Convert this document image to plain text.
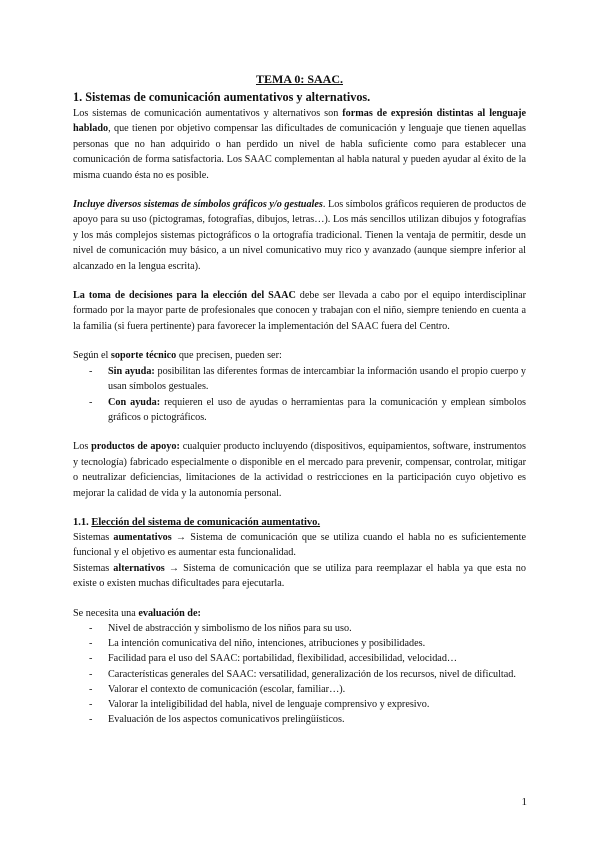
TEMA 0: SAAC.

1. Sistemas de comunicación aumentativos y alternativos.

Los sistemas de comunicación aumentativos y alternativos son formas de expresión distintas al lenguaje hablado, que tienen por objetivo compensar las dificultades de comunicación y lenguaje que tienen aquellas personas que no han adquirido o han perdido un nivel de habla suficiente como para establecer una comunicación de forma satisfactoria. Los SAAC complementan al habla natural y pueden ayudar al éxito de la misma cuando ésta no es posible.

Incluye diversos sistemas de símbolos gráficos y/o gestuales. Los símbolos gráficos requieren de productos de apoyo para su uso (pictogramas, fotografías, dibujos, letras…). Los más sencillos utilizan dibujos y fotografías y los más complejos sistemas pictográficos o la ortografía tradicional. Tienen la ventaja de permitir, desde un nivel de comunicación muy básico, a un nivel comunicativo muy rico y avanzado (aunque siempre inferior al alcanzado en la lengua escrita).

La toma de decisiones para la elección del SAAC debe ser llevada a cabo por el equipo interdisciplinar formado por la mayor parte de profesionales que conocen y trabajan con el niño, siempre teniendo en cuenta a la familia (si fuera pertinente) para favorecer la implementación del SAAC fuera del Centro.

Según el soporte técnico que precisen, pueden ser:

-	Sin ayuda: posibilitan las diferentes formas de intercambiar la información usando el propio cuerpo y usan símbolos gestuales.
-	Con ayuda: requieren el uso de ayudas o herramientas para la comunicación y emplean símbolos gráficos o pictográficos.

Los productos de apoyo: cualquier producto incluyendo (dispositivos, equipamientos, software, instrumentos y tecnología) fabricado especialmente o disponible en el mercado para prevenir, compensar, controlar, mitigar o neutralizar deficiencias, limitaciones de la actividad o restricciones en la participación cuyo objetivo es mejorar la calidad de vida y la autonomía personal.

1.1. Elección del sistema de comunicación aumentativo.

Sistemas aumentativos → Sistema de comunicación que se utiliza cuando el habla no es suficientemente funcional y el objetivo es aumentar esta funcionalidad.

Sistemas alternativos → Sistema de comunicación que se utiliza para reemplazar el habla ya que esta no existe o existen muchas dificultades para ejecutarla.

Se necesita una evaluación de:

-	Nivel de abstracción y simbolismo de los niños para su uso.
-	La intención comunicativa del niño, intenciones, atribuciones y posibilidades.
-	Facilidad para el uso del SAAC: portabilidad, flexibilidad, accesibilidad, velocidad…
-	Características generales del SAAC: versatilidad, generalización de los recursos, nivel de dificultad.
-	Valorar el contexto de comunicación (escolar, familiar…).
-	Valorar la inteligibilidad del habla, nivel de lenguaje comprensivo y expresivo.
-	Evaluación de los aspectos comunicativos prelingüísticos.
1
